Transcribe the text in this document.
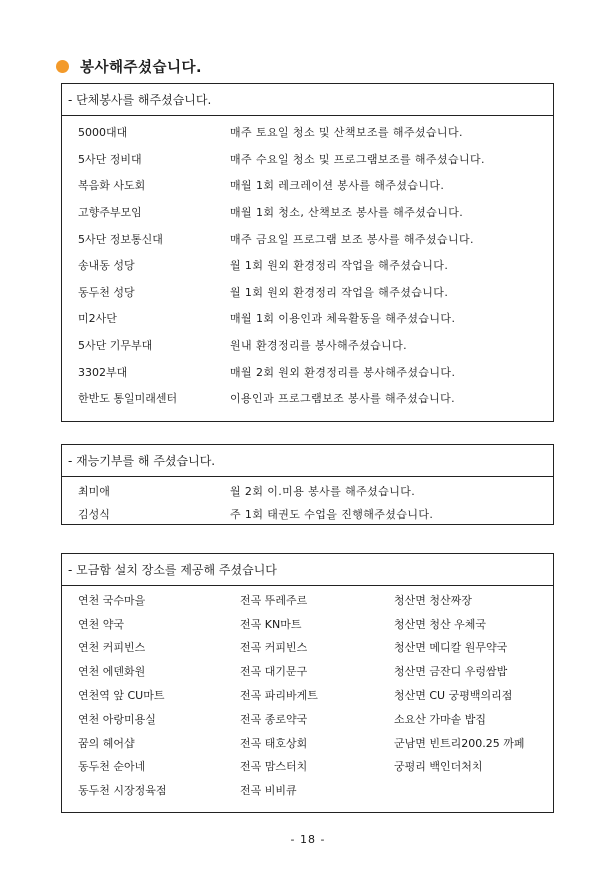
봉사해주셨습니다.
- 단체봉사를 해주셨습니다.
5000대대	매주 토요일 청소 및 산책보조를 해주셨습니다.
5사단 정비대	매주 수요일 청소 및 프로그램보조를 해주셨습니다.
복음화 사도회	매월 1회 레크레이션 봉사를 해주셨습니다.
고향주부모임	매월 1회 청소, 산책보조 봉사를 해주셨습니다.
5사단 정보통신대	매주 금요일 프로그램 보조 봉사를 해주셨습니다.
송내동 성당	월 1회 원외 환경정리 작업을 해주셨습니다.
동두천 성당	월 1회 원외 환경정리 작업을 해주셨습니다.
미2사단	매월 1회 이용인과 체육활동을 해주셨습니다.
5사단 기무부대	원내 환경정리를 봉사해주셨습니다.
3302부대	매월 2회 원외 환경정리를 봉사해주셨습니다.
한반도 통일미래센터	이용인과 프로그램보조 봉사를 해주셨습니다.
- 재능기부를 해 주셨습니다.
최미애	월 2회 이.미용 봉사를 해주셨습니다.
김성식	주 1회 태권도 수업을 진행해주셨습니다.
- 모금함 설치 장소를 제공해 주셨습니다
연천 국수마을	전곡 뚜레주르	청산면 청산짜장
연천 약국	전곡 KN마트	청산면 청산 우체국
연천 커피빈스	전곡 커피빈스	청산면 메디칼 원무약국
연천 에덴화원	전곡 대기문구	청산면 금잔디 우렁쌈밥
연천역 앞 CU마트	전곡 파리바게트	청산면 CU 궁평백의리점
연천 아랑미용실	전곡 종로약국	소요산 가마솥 밥집
꿈의 헤어샵	전곡 태호상회	군남면 빈트리200.25 까페
동두천 순아네	전곡 맘스터치	궁평리 백인더처치
동두천 시장정육점	전곡 비비큐
- 18 -
